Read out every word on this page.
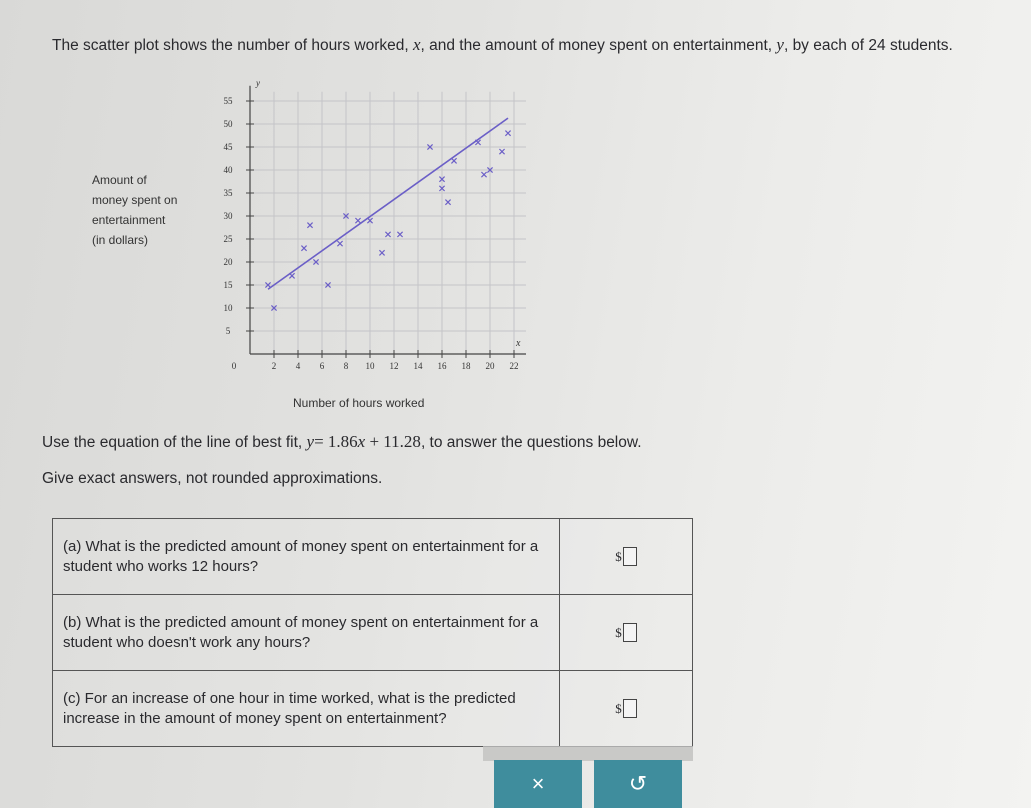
The scatter plot shows the number of hours worked, x, and the amount of money spent on entertainment, y, by each of 24 students.
Amount of
money spent on
entertainment
(in dollars)
2 4 6 8 10 12 14 16 18 20 22
5
10
15
20
25
30
35
40
45
50
55
0
y
x
Number of hours worked
Use the equation of the line of best fit, y= 1.86x + 11.28, to answer the questions below.
Give exact answers, not rounded approximations.
(a) What is the predicted amount of money spent on entertainment for a student who works 12 hours?	$

(b) What is the predicted amount of money spent on entertainment for a student who doesn't work any hours?	$

(c) For an increase of one hour in time worked, what is the predicted increase in the amount of money spent on entertainment?	$
×	↺
